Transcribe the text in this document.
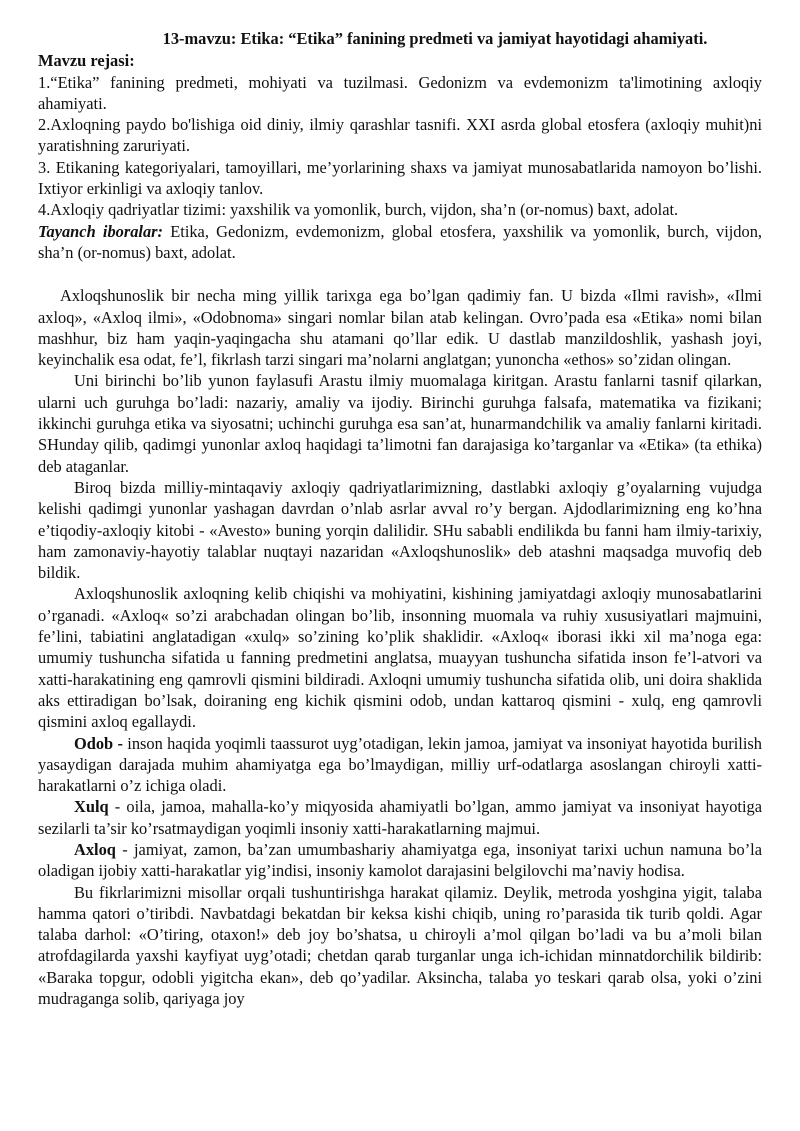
13-mavzu: Etika: “Etika” fanining predmeti va jamiyat hayotidagi ahamiyati.

Mavzu rejasi:

1.“Etika” fanining predmeti, mohiyati va tuzilmasi. Gedonizm va evdemonizm ta'limotining axloqiy ahamiyati.

2.Axloqning paydo bo'lishiga oid diniy, ilmiy qarashlar tasnifi. XXI asrda global etosfera (axloqiy muhit)ni yaratishning zaruriyati.

3. Etikaning kategoriyalari, tamoyillari, me’yorlarining shaxs va jamiyat munosabatlarida namoyon bo’lishi. Ixtiyor erkinligi va axloqiy tanlov.

4.Axloqiy qadriyatlar tizimi: yaxshilik va yomonlik, burch, vijdon, sha’n (or-nomus) baxt, adolat.

Tayanch iboralar: Etika, Gedonizm, evdemonizm, global etosfera, yaxshilik va yomonlik, burch, vijdon, sha’n (or-nomus) baxt, adolat.

Axloqshunoslik bir necha ming yillik tarixga ega bo’lgan qadimiy fan. U bizda «Ilmi ravish», «Ilmi axloq», «Axloq ilmi», «Odobnoma» singari nomlar bilan atab kelingan. Ovro’pada esa «Etika» nomi bilan mashhur, biz ham yaqin-yaqingacha shu atamani qo’llar edik. U dastlab manzildoshlik, yashash joyi, keyinchalik esa odat, fe’l, fikrlash tarzi singari ma’nolarni anglatgan; yunoncha «ethos» so’zidan olingan.

Uni birinchi bo’lib yunon faylasufi Arastu ilmiy muomalaga kiritgan. Arastu fanlarni tasnif qilarkan, ularni uch guruhga bo’ladi: nazariy, amaliy va ijodiy. Birinchi guruhga falsafa, matematika va fizikani; ikkinchi guruhga etika va siyosatni; uchinchi guruhga esa san’at, hunarmandchilik va amaliy fanlarni kiritadi. SHunday qilib, qadimgi yunonlar axloq haqidagi ta’limotni fan darajasiga ko’targanlar va «Etika» (ta ethika) deb ataganlar.

Biroq bizda milliy-mintaqaviy axloqiy qadriyatlarimizning, dastlabki axloqiy g’oyalarning vujudga kelishi qadimgi yunonlar yashagan davrdan o’nlab asrlar avval ro’y bergan. Ajdodlarimizning eng ko’hna e’tiqodiy-axloqiy kitobi - «Avesto» buning yorqin dalilidir. SHu sababli endilikda bu fanni ham ilmiy-tarixiy, ham zamonaviy-hayotiy talablar nuqtayi nazaridan «Axloqshunoslik» deb atashni maqsadga muvofiq deb bildik.

Axloqshunoslik axloqning kelib chiqishi va mohiyatini, kishining jamiyatdagi axloqiy munosabatlarini o’rganadi. «Axloq« so’zi arabchadan olingan bo’lib, insonning muomala va ruhiy xususiyatlari majmuini, fe’lini, tabiatini anglatadigan «xulq» so’zining ko’plik shaklidir. «Axloq« iborasi ikki xil ma’noga ega: umumiy tushuncha sifatida u fanning predmetini anglatsa, muayyan tushuncha sifatida inson fe’l-atvori va xatti-harakatining eng qamrovli qismini bildiradi. Axloqni umumiy tushuncha sifatida olib, uni doira shaklida aks ettiradigan bo’lsak, doiraning eng kichik qismini odob, undan kattaroq qismini - xulq, eng qamrovli qismini axloq egallaydi.

Odob - inson haqida yoqimli taassurot uyg’otadigan, lekin jamoa, jamiyat va insoniyat hayotida burilish yasaydigan darajada muhim ahamiyatga ega bo’lmaydigan, milliy urf-odatlarga asoslangan chiroyli xatti-harakatlarni o’z ichiga oladi.

Xulq - oila, jamoa, mahalla-ko’y miqyosida ahamiyatli bo’lgan, ammo jamiyat va insoniyat hayotiga sezilarli ta’sir ko’rsatmaydigan yoqimli insoniy xatti-harakatlarning majmui.

Axloq - jamiyat, zamon, ba’zan umumbashariy ahamiyatga ega, insoniyat tarixi uchun namuna bo’la oladigan ijobiy xatti-harakatlar yig’indisi, insoniy kamolot darajasini belgilovchi ma’naviy hodisa.

Bu fikrlarimizni misollar orqali tushuntirishga harakat qilamiz. Deylik, metroda yoshgina yigit, talaba hamma qatori o’tiribdi. Navbatdagi bekatdan bir keksa kishi chiqib, uning ro’parasida tik turib qoldi. Agar talaba darhol: «O’tiring, otaxon!» deb joy bo’shatsa, u chiroyli a’mol qilgan bo’ladi va bu a’moli bilan atrofdagilarda yaxshi kayfiyat uyg’otadi; chetdan qarab turganlar unga ich-ichidan minnatdorchilik bildirib: «Baraka topgur, odobli yigitcha ekan», deb qo’yadilar. Aksincha, talaba yo teskari qarab olsa, yoki o’zini mudraganga solib, qariyaga joy
